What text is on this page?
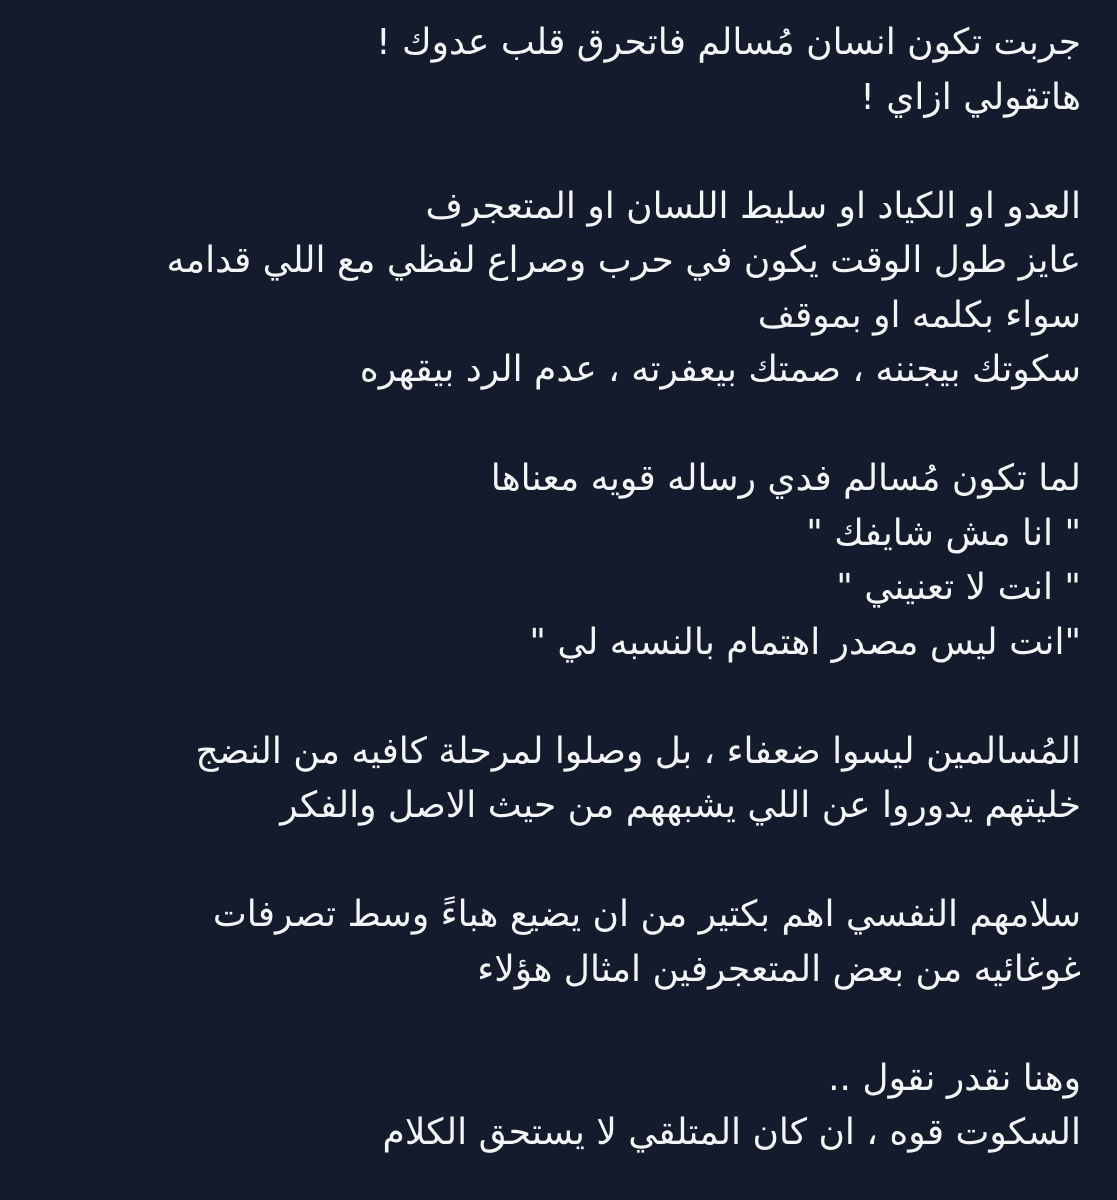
جربت تكون انسان مُسالم فاتحرق قلب عدوك !
هاتقولي ازاي !
العدو او الكياد او سليط اللسان او المتعجرف
عايز طول الوقت يكون في حرب وصراع لفظي مع اللي قدامه
سواء بكلمه او بموقف
سكوتك بيجننه ، صمتك بيعفرته ، عدم الرد بيقهره
لما تكون مُسالم فدي رساله قويه معناها
" انا مش شايفك "
" انت لا تعنيني "
"انت ليس مصدر اهتمام بالنسبه لي "
المُسالمين ليسوا ضعفاء ، بل وصلوا لمرحلة كافيه من النضج
خليتهم يدوروا عن اللي يشبههم من حيث الاصل والفكر
سلامهم النفسي اهم بكتير من ان يضيع هباءً وسط تصرفات
غوغائيه من بعض المتعجرفين امثال هؤلاء
وهنا نقدر نقول ..
السكوت قوه ، ان كان المتلقي لا يستحق الكلام
